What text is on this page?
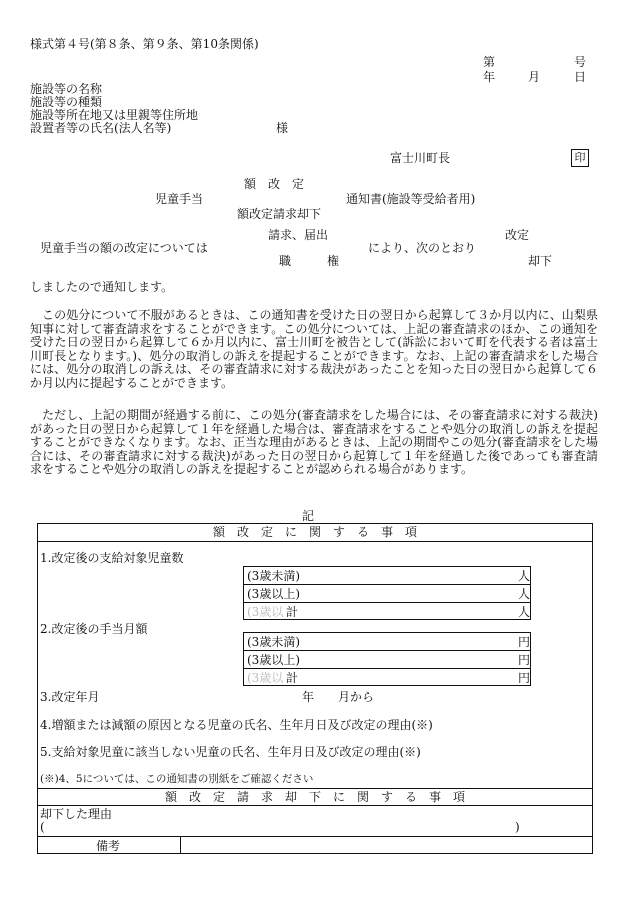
様式第４号(第８条、第９条、第10条関係)
第	号
年	月	日
施設等の名称
施設等の種類
施設等所在地又は里親等住所地
設置者等の氏名(法人名等)	様
富士川町長	印
額　改　定
児童手当	通知書(施設等受給者用)
額改定請求却下
請求、届出	改定
児童手当の額の改定については	により、次のとおり
職　　　権	却下
しましたので通知します。
この処分について不服があるときは、この通知書を受けた日の翌日から起算して３か月以内に、山梨県知事に対して審査請求をすることができます。この処分については、上記の審査請求のほか、この通知を受けた日の翌日から起算して６か月以内に、富士川町を被告として(訴訟において町を代表する者は富士川町長となります。)、処分の取消しの訴えを提起することができます。なお、上記の審査請求をした場合には、処分の取消しの訴えは、その審査請求に対する裁決があったことを知った日の翌日から起算して６か月以内に提起することができます。
ただし、上記の期間が経過する前に、この処分(審査請求をした場合には、その審査請求に対する裁決)があった日の翌日から起算して１年を経過した場合は、審査請求をすることや処分の取消しの訴えを提起することができなくなります。なお、正当な理由があるときは、上記の期間やこの処分(審査請求をした場合には、その審査請求に対する裁決)があった日の翌日から起算して１年を経過した後であっても審査請求をすることや処分の取消しの訴えを提起することが認められる場合があります。
記
額　改　定　に　関　す　る　事　項
1.改定後の支給対象児童数
(3歳未満)	人
(3歳以上)	人
(3歳以 計	人
2.改定後の手当月額
(3歳未満)	円
(3歳以上)	円
(3歳以 計	円
3.改定年月	年　　月から
4.増額または減額の原因となる児童の氏名、生年月日及び改定の理由(※)
5.支給対象児童に該当しない児童の氏名、生年月日及び改定の理由(※)
(※)4、5については、この通知書の別紙をご確認ください
額　改　定　請　求　却　下　に　関　す　る　事　項
却下した理由
(	)
備考
